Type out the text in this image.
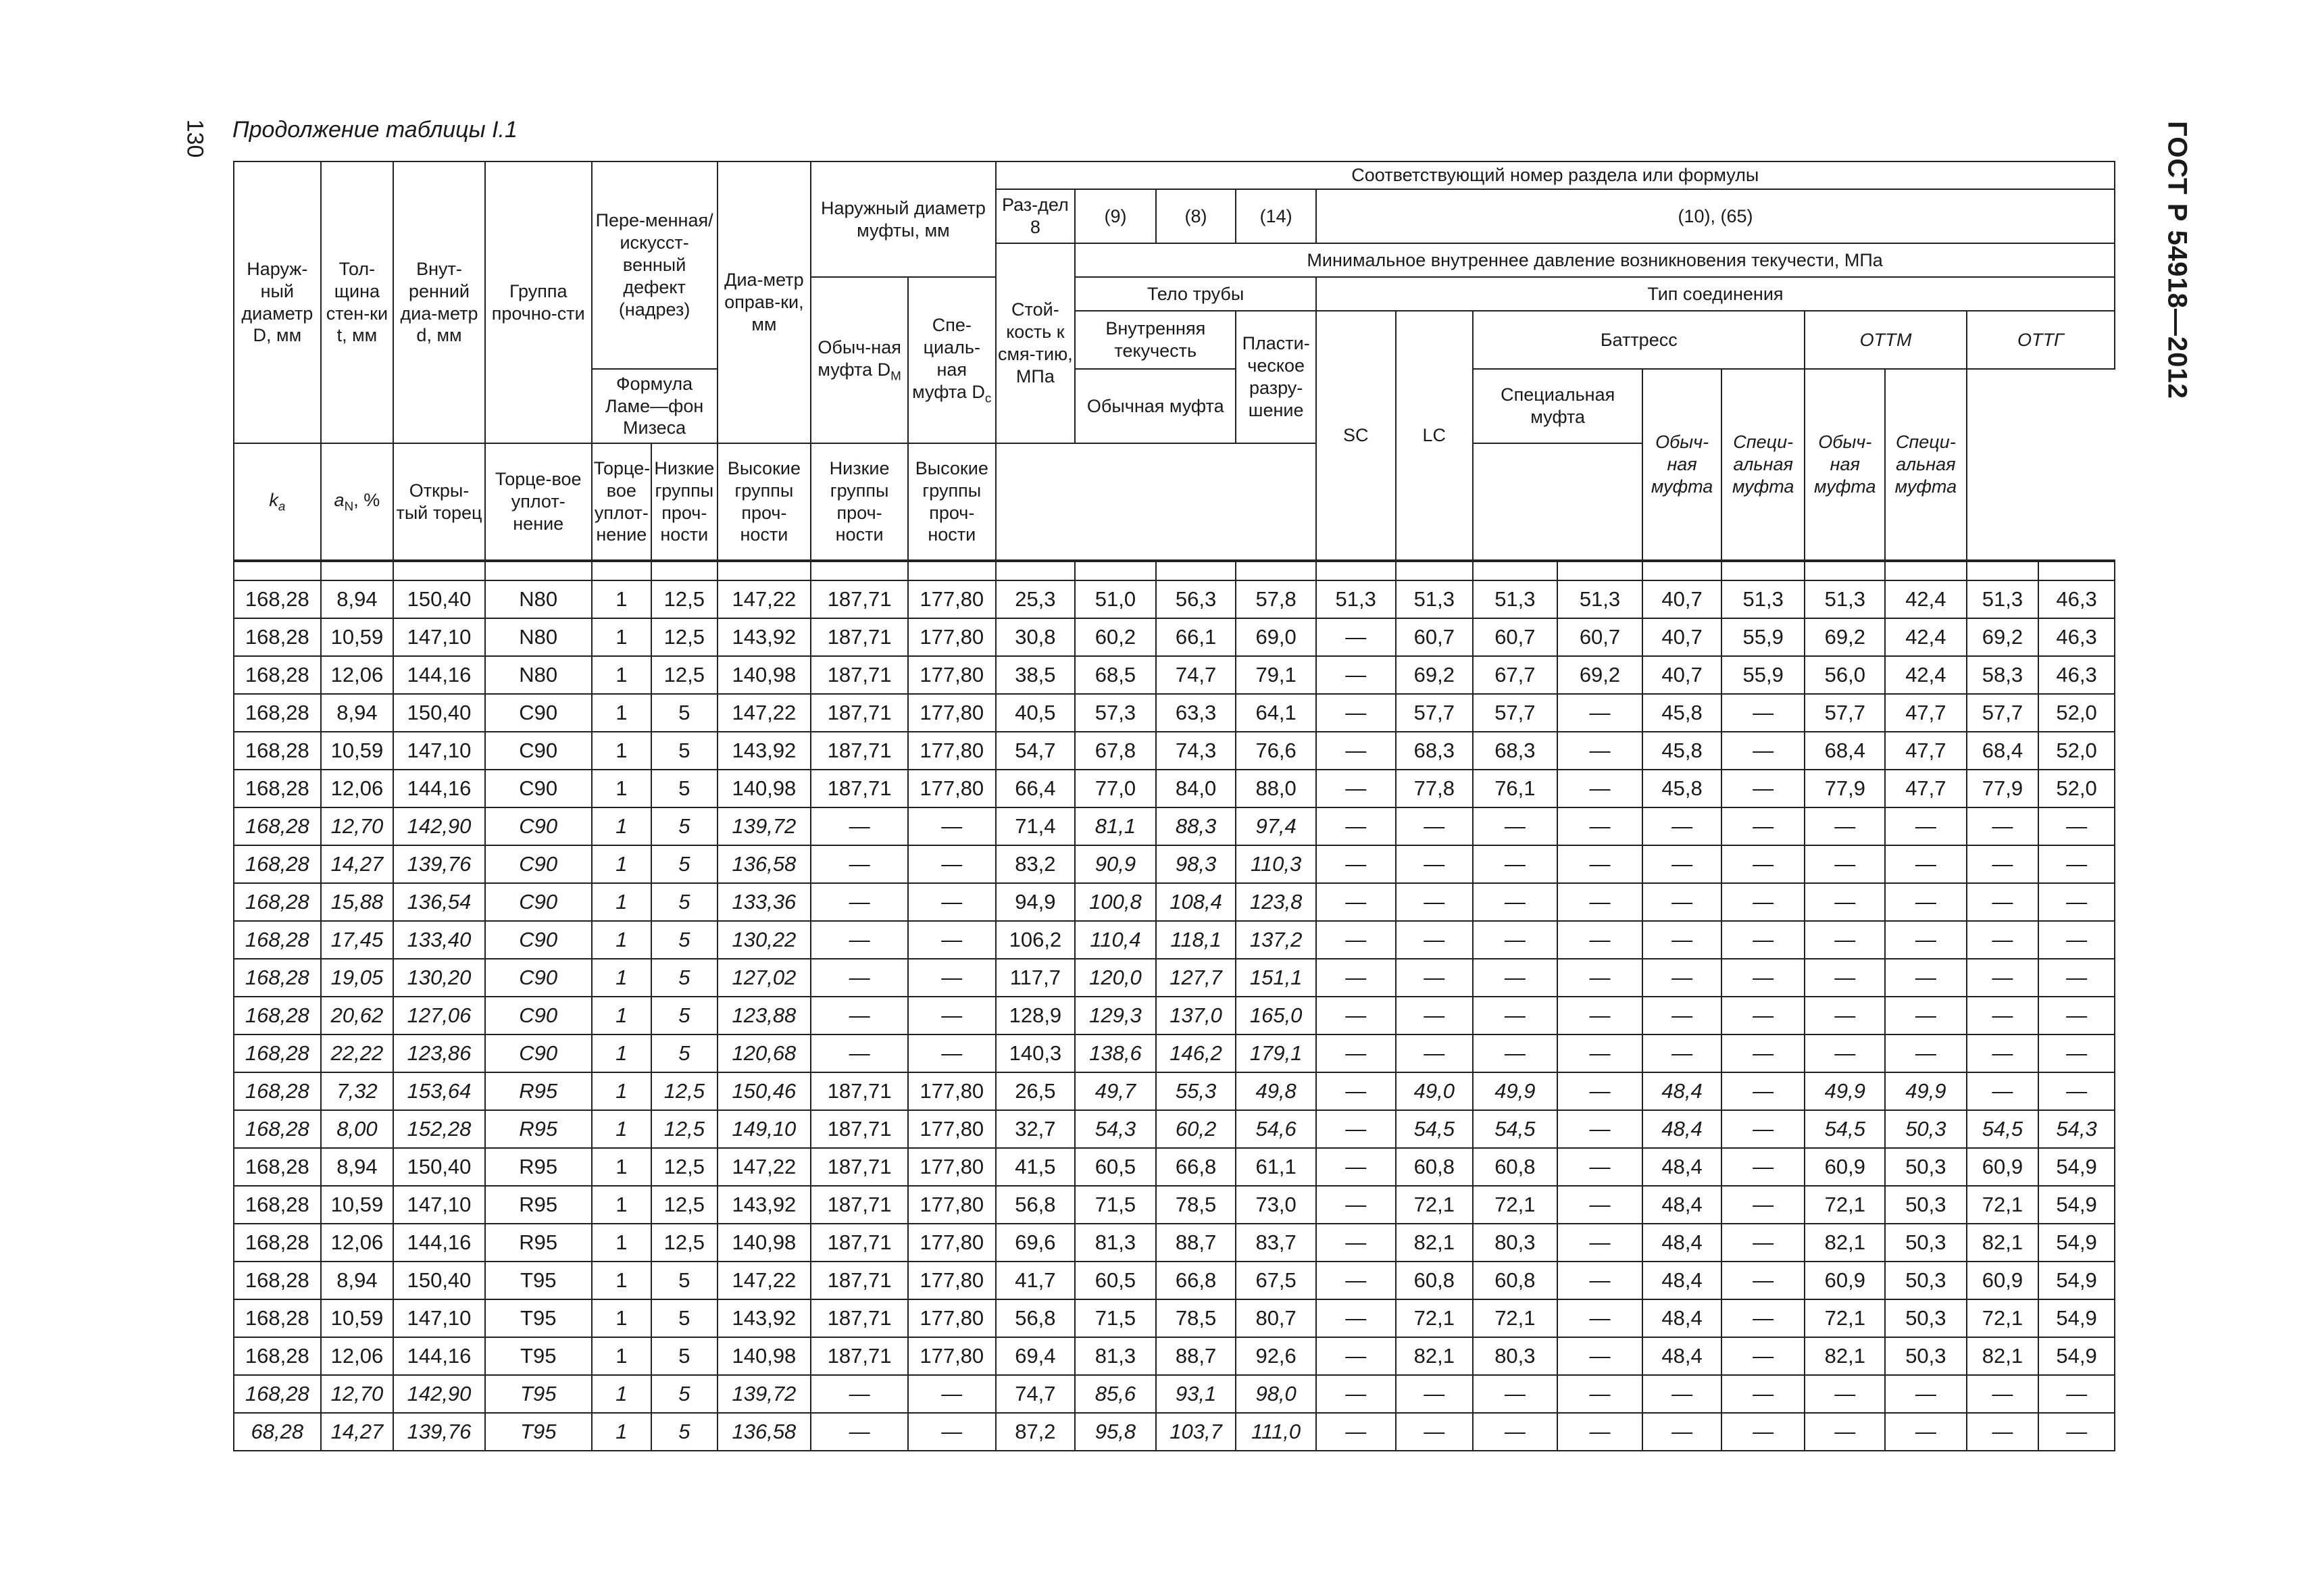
130	ГОСТ Р 54918—2012
Продолжение таблицы I.1
Наруж-ный диаметр D, мм	Тол-щина стен-ки t, мм	Внут-ренний диа-метр d, мм	Группа прочно-сти	Пере-менная/ искусст-венный дефект (надрез)		Диа-метр оправ-ки, мм	Наружный диаметр муфты, мм		Соответствующий номер раздела или формулы													
									Раз-дел 8	(9)	(8)	(14)	(10), (65)									
									Стой-кость к смя-тию, МПа	Минимальное внутреннее давление возникновения текучести, МПа												
							Обыч-ная муфта $D_M$	Спе-циаль-ная муфта $D_с$		Тело трубы			Тип соединения									
										Внутренняя текучесть		Пласти-ческое разру-шение	SC	LC	Баттресс				ОТТМ		ОТТГ	
				Формула Ламе—фон Мизеса						Обычная муфта					Специальная муфта		Обыч-ная муфта	Специ-альная муфта	Обыч-ная муфта	Специ-альная муфта		
$k_a$	$a_N$, %	Откры-тый торец	Торце-вое уплот-нение	Торце-вое уплот-нение	Низкие группы проч-ности	Высокие группы проч-ности	Низкие группы проч-ности	Высокие группы проч-ности														

168,28	8,94	150,40	N80	1	12,5	147,22	187,71	177,80	25,3	51,0	56,3	57,8	51,3	51,3	51,3	51,3	40,7	51,3	51,3	42,4	51,3	46,3
168,28	10,59	147,10	N80	1	12,5	143,92	187,71	177,80	30,8	60,2	66,1	69,0	—	60,7	60,7	60,7	40,7	55,9	69,2	42,4	69,2	46,3
168,28	12,06	144,16	N80	1	12,5	140,98	187,71	177,80	38,5	68,5	74,7	79,1	—	69,2	67,7	69,2	40,7	55,9	56,0	42,4	58,3	46,3
168,28	8,94	150,40	C90	1	5	147,22	187,71	177,80	40,5	57,3	63,3	64,1	—	57,7	57,7	—	45,8	—	57,7	47,7	57,7	52,0
168,28	10,59	147,10	C90	1	5	143,92	187,71	177,80	54,7	67,8	74,3	76,6	—	68,3	68,3	—	45,8	—	68,4	47,7	68,4	52,0
168,28	12,06	144,16	C90	1	5	140,98	187,71	177,80	66,4	77,0	84,0	88,0	—	77,8	76,1	—	45,8	—	77,9	47,7	77,9	52,0
168,28	12,70	142,90	C90	1	5	139,72	—	—	71,4	81,1	88,3	97,4	—	—	—	—	—	—	—	—	—	—
168,28	14,27	139,76	C90	1	5	136,58	—	—	83,2	90,9	98,3	110,3	—	—	—	—	—	—	—	—	—	—
168,28	15,88	136,54	C90	1	5	133,36	—	—	94,9	100,8	108,4	123,8	—	—	—	—	—	—	—	—	—	—
168,28	17,45	133,40	C90	1	5	130,22	—	—	106,2	110,4	118,1	137,2	—	—	—	—	—	—	—	—	—	—
168,28	19,05	130,20	C90	1	5	127,02	—	—	117,7	120,0	127,7	151,1	—	—	—	—	—	—	—	—	—	—
168,28	20,62	127,06	C90	1	5	123,88	—	—	128,9	129,3	137,0	165,0	—	—	—	—	—	—	—	—	—	—
168,28	22,22	123,86	C90	1	5	120,68	—	—	140,3	138,6	146,2	179,1	—	—	—	—	—	—	—	—	—	—
168,28	7,32	153,64	R95	1	12,5	150,46	187,71	177,80	26,5	49,7	55,3	49,8	—	49,0	49,9	—	48,4	—	49,9	49,9	—	—
168,28	8,00	152,28	R95	1	12,5	149,10	187,71	177,80	32,7	54,3	60,2	54,6	—	54,5	54,5	—	48,4	—	54,5	50,3	54,5	54,3
168,28	8,94	150,40	R95	1	12,5	147,22	187,71	177,80	41,5	60,5	66,8	61,1	—	60,8	60,8	—	48,4	—	60,9	50,3	60,9	54,9
168,28	10,59	147,10	R95	1	12,5	143,92	187,71	177,80	56,8	71,5	78,5	73,0	—	72,1	72,1	—	48,4	—	72,1	50,3	72,1	54,9
168,28	12,06	144,16	R95	1	12,5	140,98	187,71	177,80	69,6	81,3	88,7	83,7	—	82,1	80,3	—	48,4	—	82,1	50,3	82,1	54,9
168,28	8,94	150,40	T95	1	5	147,22	187,71	177,80	41,7	60,5	66,8	67,5	—	60,8	60,8	—	48,4	—	60,9	50,3	60,9	54,9
168,28	10,59	147,10	T95	1	5	143,92	187,71	177,80	56,8	71,5	78,5	80,7	—	72,1	72,1	—	48,4	—	72,1	50,3	72,1	54,9
168,28	12,06	144,16	T95	1	5	140,98	187,71	177,80	69,4	81,3	88,7	92,6	—	82,1	80,3	—	48,4	—	82,1	50,3	82,1	54,9
168,28	12,70	142,90	T95	1	5	139,72	—	—	74,7	85,6	93,1	98,0	—	—	—	—	—	—	—	—	—	—
68,28	14,27	139,76	T95	1	5	136,58	—	—	87,2	95,8	103,7	111,0	—	—	—	—	—	—	—	—	—	—
